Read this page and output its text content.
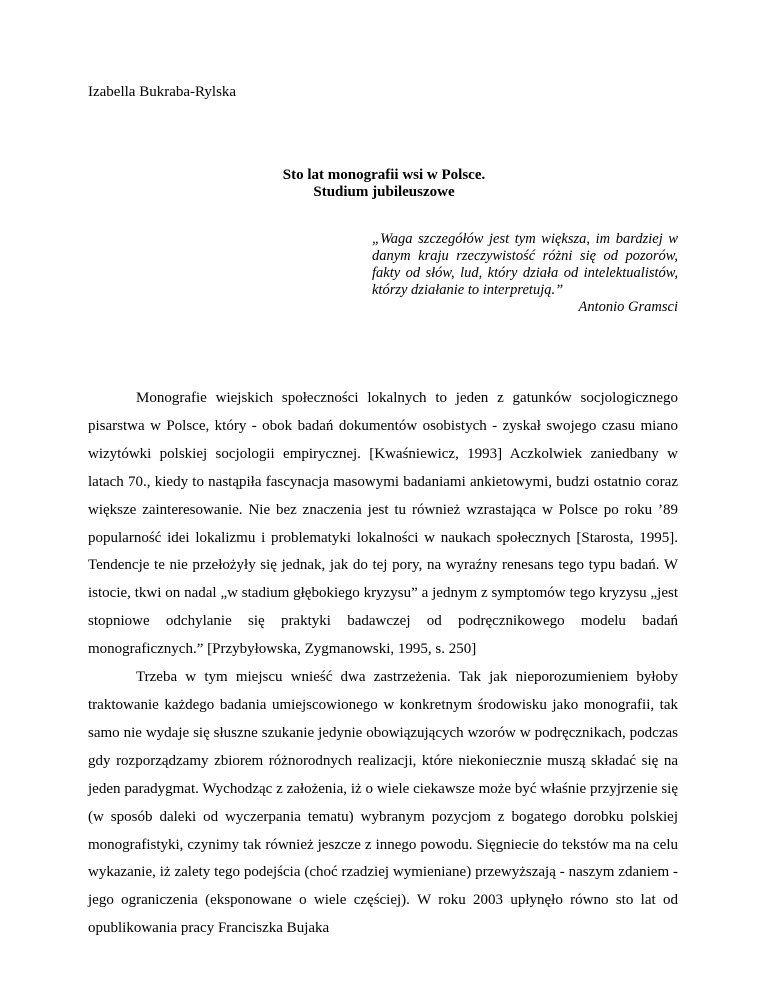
Izabella Bukraba-Rylska
Sto lat monografii wsi w Polsce.
Studium jubileuszowe
„Waga szczegółów jest tym większa, im bardziej w danym kraju rzeczywistość różni się od pozorów, fakty od słów, lud, który działa od intelektualistów, którzy działanie to interpretują.”
Antonio Gramsci

Monografie wiejskich społeczności lokalnych to jeden z gatunków socjologicznego pisarstwa w Polsce, który - obok badań dokumentów osobistych - zyskał swojego czasu miano wizytówki polskiej socjologii empirycznej. [Kwaśniewicz, 1993] Aczkolwiek zaniedbany w latach 70., kiedy to nastąpiła fascynacja masowymi badaniami ankietowymi, budzi ostatnio coraz większe zainteresowanie. Nie bez znaczenia jest tu również wzrastająca w Polsce po roku ’89 popularność idei lokalizmu i problematyki lokalności w naukach społecznych [Starosta, 1995]. Tendencje te nie przełożyły się jednak, jak do tej pory, na wyraźny renesans tego typu badań. W istocie, tkwi on nadal „w stadium głębokiego kryzysu” a jednym z symptomów tego kryzysu „jest stopniowe odchylanie się praktyki badawczej od podręcznikowego modelu badań monograficznych.” [Przybyłowska, Zygmanowski, 1995, s. 250]

Trzeba w tym miejscu wnieść dwa zastrzeżenia. Tak jak nieporozumieniem byłoby traktowanie każdego badania umiejscowionego w konkretnym środowisku jako monografii, tak samo nie wydaje się słuszne szukanie jedynie obowiązujących wzorów w podręcznikach, podczas gdy rozporządzamy zbiorem różnorodnych realizacji, które niekoniecznie muszą składać się na jeden paradygmat. Wychodząc z założenia, iż o wiele ciekawsze może być właśnie przyjrzenie się (w sposób daleki od wyczerpania tematu) wybranym pozycjom z bogatego dorobku polskiej monografistyki, czynimy tak również jeszcze z innego powodu. Sięgniecie do tekstów ma na celu wykazanie, iż zalety tego podejścia (choć rzadziej wymieniane) przewyższają - naszym zdaniem - jego ograniczenia (eksponowane o wiele częściej). W roku 2003 upłynęło równo sto lat od opublikowania pracy Franciszka Bujaka
